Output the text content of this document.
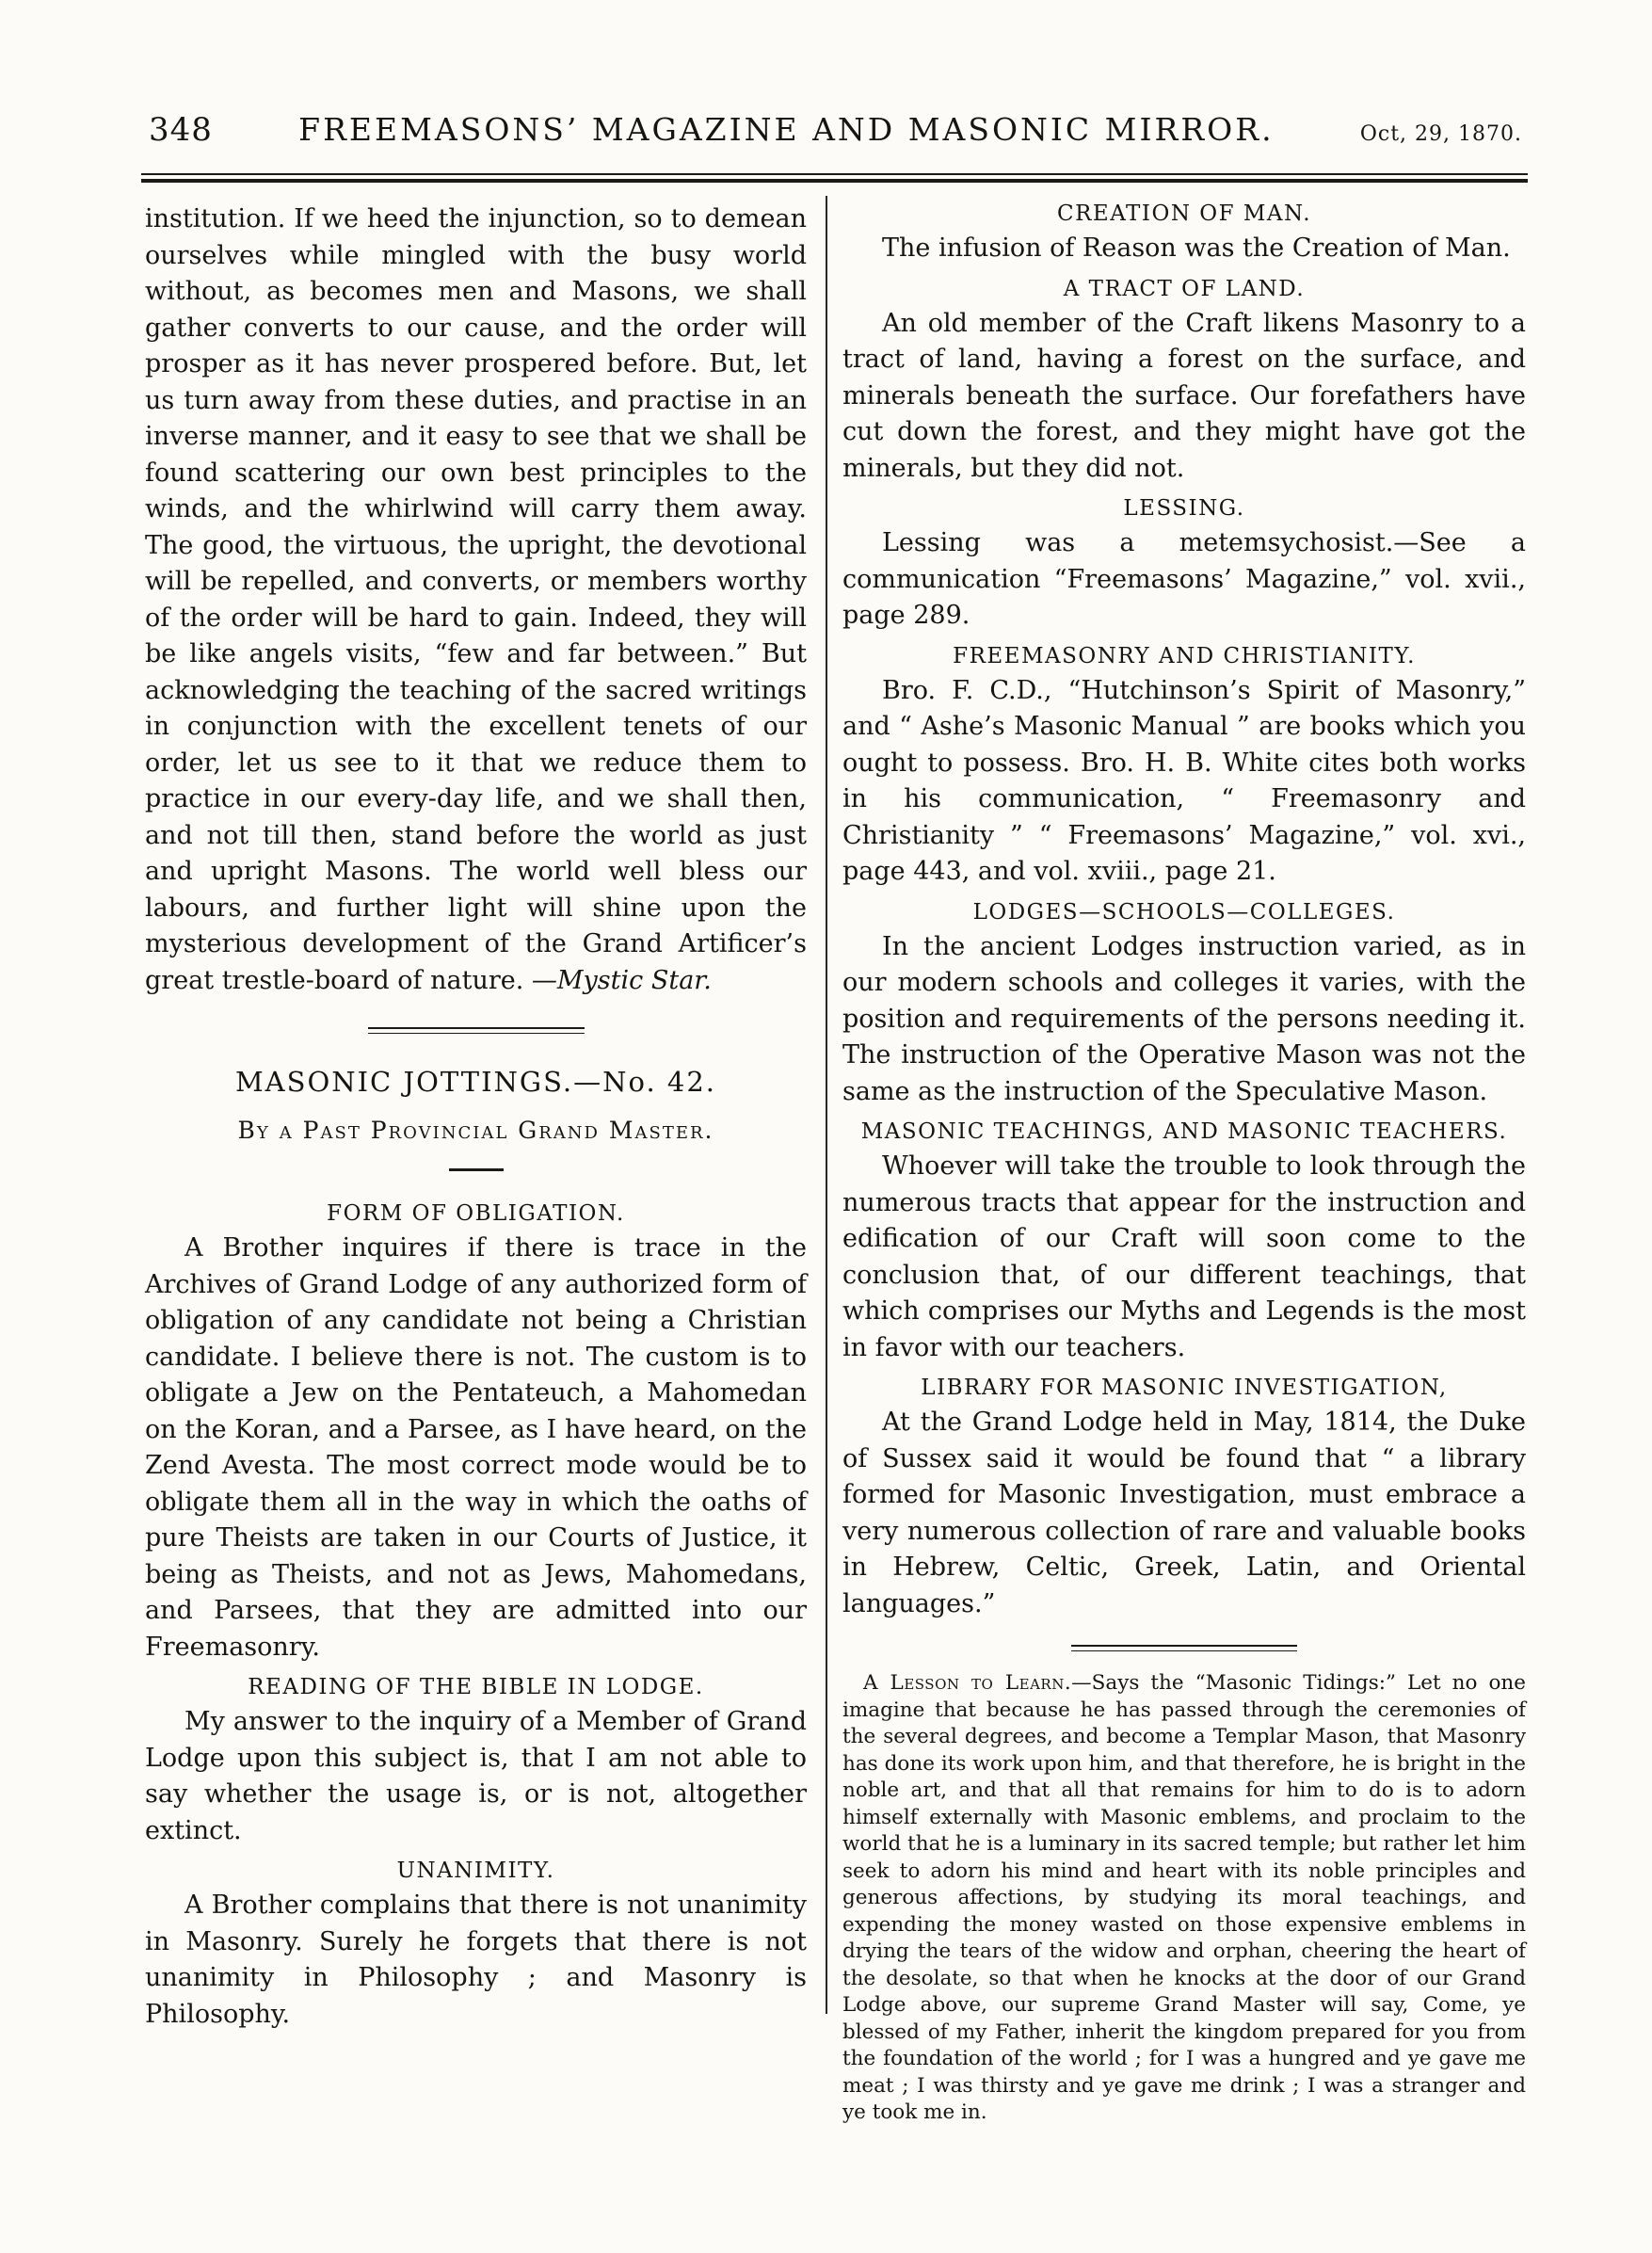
348	FREEMASONS’ MAGAZINE AND MASONIC MIRROR.	Oct, 29, 1870.

institution. If we heed the injunction, so to demean ourselves while mingled with the busy world without, as becomes men and Masons, we shall gather converts to our cause, and the order will prosper as it has never prospered before. But, let us turn away from these duties, and practise in an inverse manner, and it easy to see that we shall be found scattering our own best principles to the winds, and the whirlwind will carry them away. The good, the virtuous, the upright, the devotional will be repelled, and converts, or members worthy of the order will be hard to gain. Indeed, they will be like angels visits, “few and far between.” But acknowledging the teaching of the sacred writings in conjunction with the excellent tenets of our order, let us see to it that we reduce them to practice in our every-day life, and we shall then, and not till then, stand before the world as just and upright Masons. The world well bless our labours, and further light will shine upon the mysterious development of the Grand Artificer’s great trestle-board of nature. —Mystic Star.

MASONIC JOTTINGS.—No. 42.

By a Past Provincial Grand Master.

FORM OF OBLIGATION.

A Brother inquires if there is trace in the Archives of Grand Lodge of any authorized form of obligation of any candidate not being a Christian candidate. I believe there is not. The custom is to obligate a Jew on the Pentateuch, a Mahomedan on the Koran, and a Parsee, as I have heard, on the Zend Avesta. The most correct mode would be to obligate them all in the way in which the oaths of pure Theists are taken in our Courts of Justice, it being as Theists, and not as Jews, Mahomedans, and Parsees, that they are admitted into our Freemasonry.

READING OF THE BIBLE IN LODGE.

My answer to the inquiry of a Member of Grand Lodge upon this subject is, that I am not able to say whether the usage is, or is not, altogether extinct.

UNANIMITY.

A Brother complains that there is not unanimity in Masonry. Surely he forgets that there is not unanimity in Philosophy ; and Masonry is Philosophy.

CREATION OF MAN.

The infusion of Reason was the Creation of Man.

A TRACT OF LAND.

An old member of the Craft likens Masonry to a tract of land, having a forest on the surface, and minerals beneath the surface. Our forefathers have cut down the forest, and they might have got the minerals, but they did not.

LESSING.

Lessing was a metemsychosist.—See a communication “Freemasons’ Magazine,” vol. xvii., page 289.

FREEMASONRY AND CHRISTIANITY.

Bro. F. C.D., “Hutchinson’s Spirit of Masonry,” and “ Ashe’s Masonic Manual ” are books which you ought to possess. Bro. H. B. White cites both works in his communication, “ Freemasonry and Christianity ” “ Freemasons’ Magazine,” vol. xvi., page 443, and vol. xviii., page 21.

LODGES—SCHOOLS—COLLEGES.

In the ancient Lodges instruction varied, as in our modern schools and colleges it varies, with the position and requirements of the persons needing it. The instruction of the Operative Mason was not the same as the instruction of the Speculative Mason.

MASONIC TEACHINGS, AND MASONIC TEACHERS.

Whoever will take the trouble to look through the numerous tracts that appear for the instruction and edification of our Craft will soon come to the conclusion that, of our different teachings, that which comprises our Myths and Legends is the most in favor with our teachers.

LIBRARY FOR MASONIC INVESTIGATION,

At the Grand Lodge held in May, 1814, the Duke of Sussex said it would be found that “ a library formed for Masonic Investigation, must embrace a very numerous collection of rare and valuable books in Hebrew, Celtic, Greek, Latin, and Oriental languages.”

A Lesson to Learn.—Says the “Masonic Tidings:” Let no one imagine that because he has passed through the ceremonies of the several degrees, and become a Templar Mason, that Masonry has done its work upon him, and that therefore, he is bright in the noble art, and that all that remains for him to do is to adorn himself externally with Masonic emblems, and proclaim to the world that he is a luminary in its sacred temple; but rather let him seek to adorn his mind and heart with its noble principles and generous affections, by studying its moral teachings, and expending the money wasted on those expensive emblems in drying the tears of the widow and orphan, cheering the heart of the desolate, so that when he knocks at the door of our Grand Lodge above, our supreme Grand Master will say, Come, ye blessed of my Father, inherit the kingdom prepared for you from the foundation of the world ; for I was a hungred and ye gave me meat ; I was thirsty and ye gave me drink ; I was a stranger and ye took me in.
